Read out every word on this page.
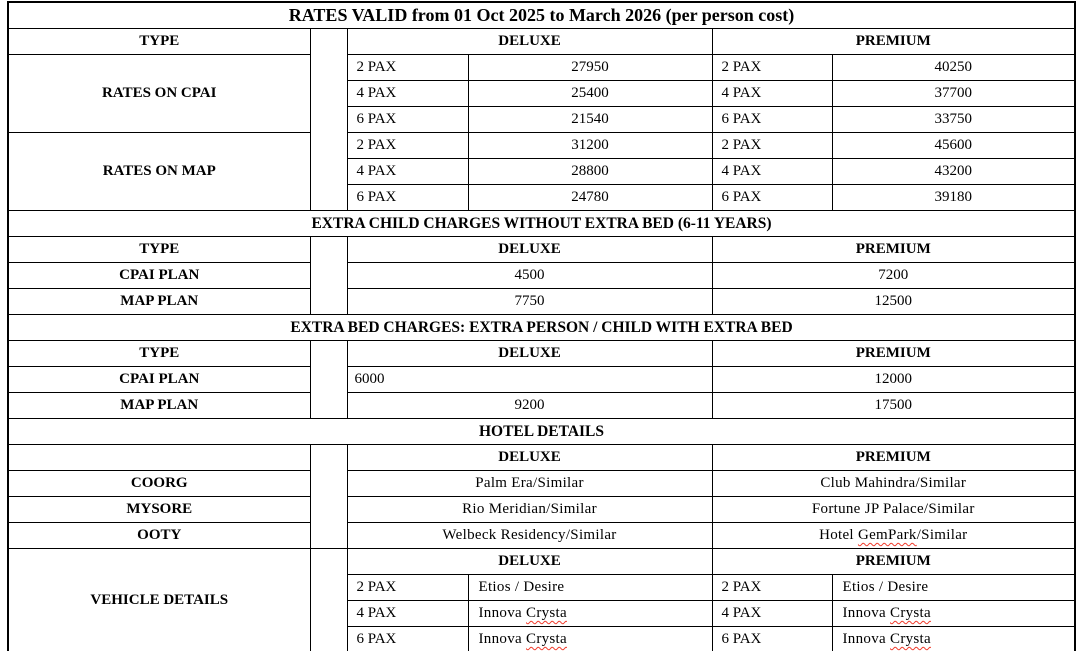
RATES VALID from 01 Oct 2025 to March 2026 (per person cost)					
TYPE		DELUXE		PREMIUM	
RATES ON CPAI		2 PAX	27950	2 PAX	40250
		4 PAX	25400	4 PAX	37700
		6 PAX	21540	6 PAX	33750
RATES ON MAP		2 PAX	31200	2 PAX	45600
		4 PAX	28800	4 PAX	43200
		6 PAX	24780	6 PAX	39180
EXTRA CHILD CHARGES WITHOUT EXTRA BED (6-11 YEARS)					
TYPE		DELUXE		PREMIUM	
CPAI PLAN		4500		7200	
MAP PLAN		7750		12500	
EXTRA BED CHARGES: EXTRA PERSON / CHILD WITH EXTRA BED					
TYPE		DELUXE		PREMIUM	
CPAI PLAN		6000		12000	
MAP PLAN		9200		17500	
HOTEL DETAILS					
		DELUXE		PREMIUM	
COORG		Palm Era/Similar		Club Mahindra/Similar	
MYSORE		Rio Meridian/Similar		Fortune JP Palace/Similar	
OOTY		Welbeck Residency/Similar		Hotel GemPark/Similar	
VEHICLE DETAILS		DELUXE		PREMIUM	
		2 PAX	Etios / Desire	2 PAX	Etios / Desire
		4 PAX	Innova Crysta	4 PAX	Innova Crysta
		6 PAX	Innova Crysta	6 PAX	Innova Crysta
